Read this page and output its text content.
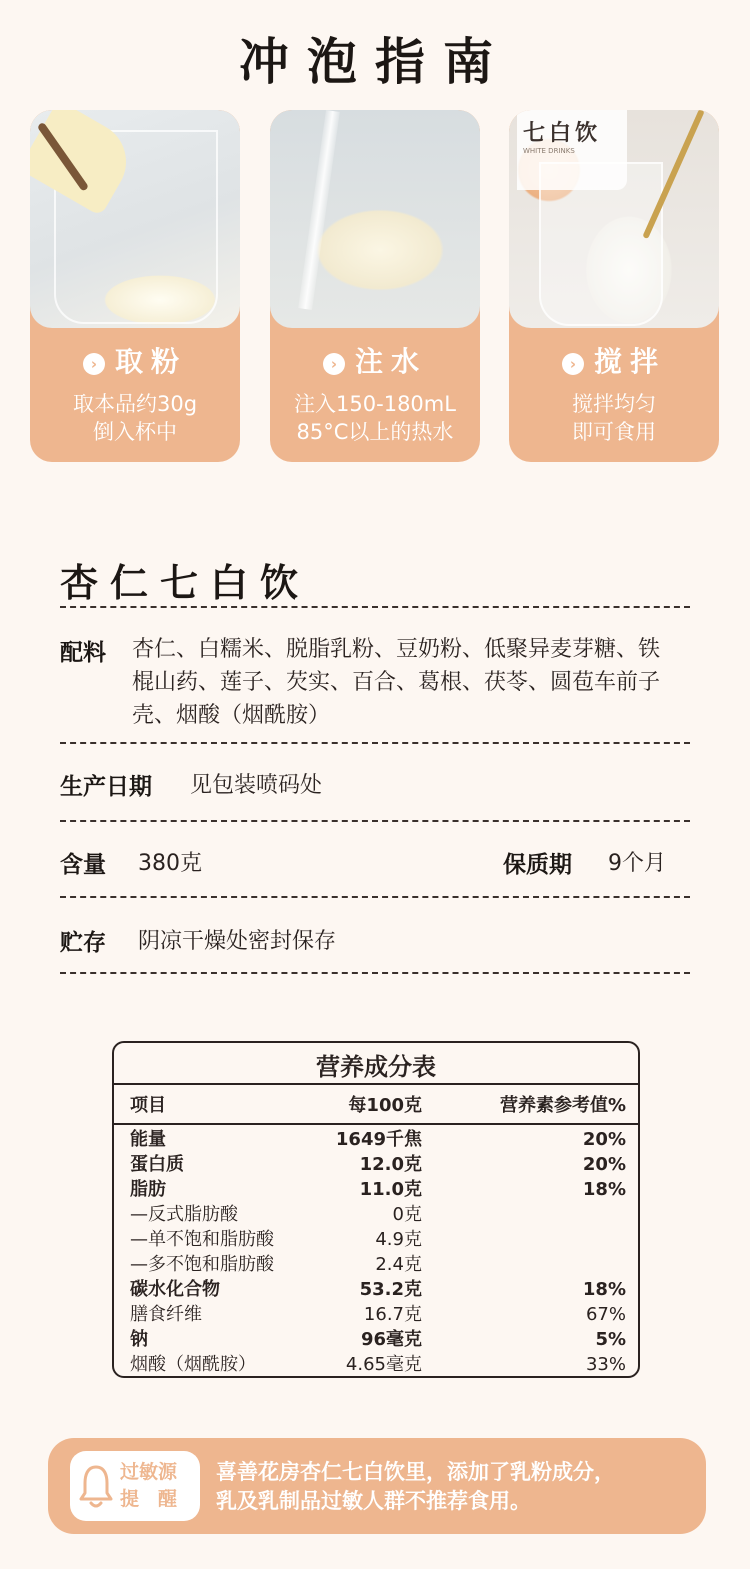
冲泡指南
› 取粉
取本品约30g
倒入杯中
› 注水
注入150-180mL
85°C以上的热水
七白饮
WHITE DRINKS
› 搅拌
搅拌均匀
即可食用
杏仁七白饮
配料 杏仁、白糯米、脱脂乳粉、豆奶粉、低聚异麦芽糖、铁
棍山药、莲子、芡实、百合、葛根、茯苓、圆苞车前子
壳、烟酸（烟酰胺）
生产日期 见包装喷码处
含量 380克	保质期 9个月
贮存 阴凉干燥处密封保存
营养成分表
项目	每100克	营养素参考值%
能量	1649千焦	20%
蛋白质	12.0克	20%
脂肪	11.0克	18%
—反式脂肪酸	0克
—单不饱和脂肪酸	4.9克
—多不饱和脂肪酸	2.4克
碳水化合物	53.2克	18%
膳食纤维	16.7克	67%
钠	96毫克	5%
烟酸（烟酰胺）	4.65毫克	33%
过敏源
提　醒
喜善花房杏仁七白饮里，添加了乳粉成分，
乳及乳制品过敏人群不推荐食用。
